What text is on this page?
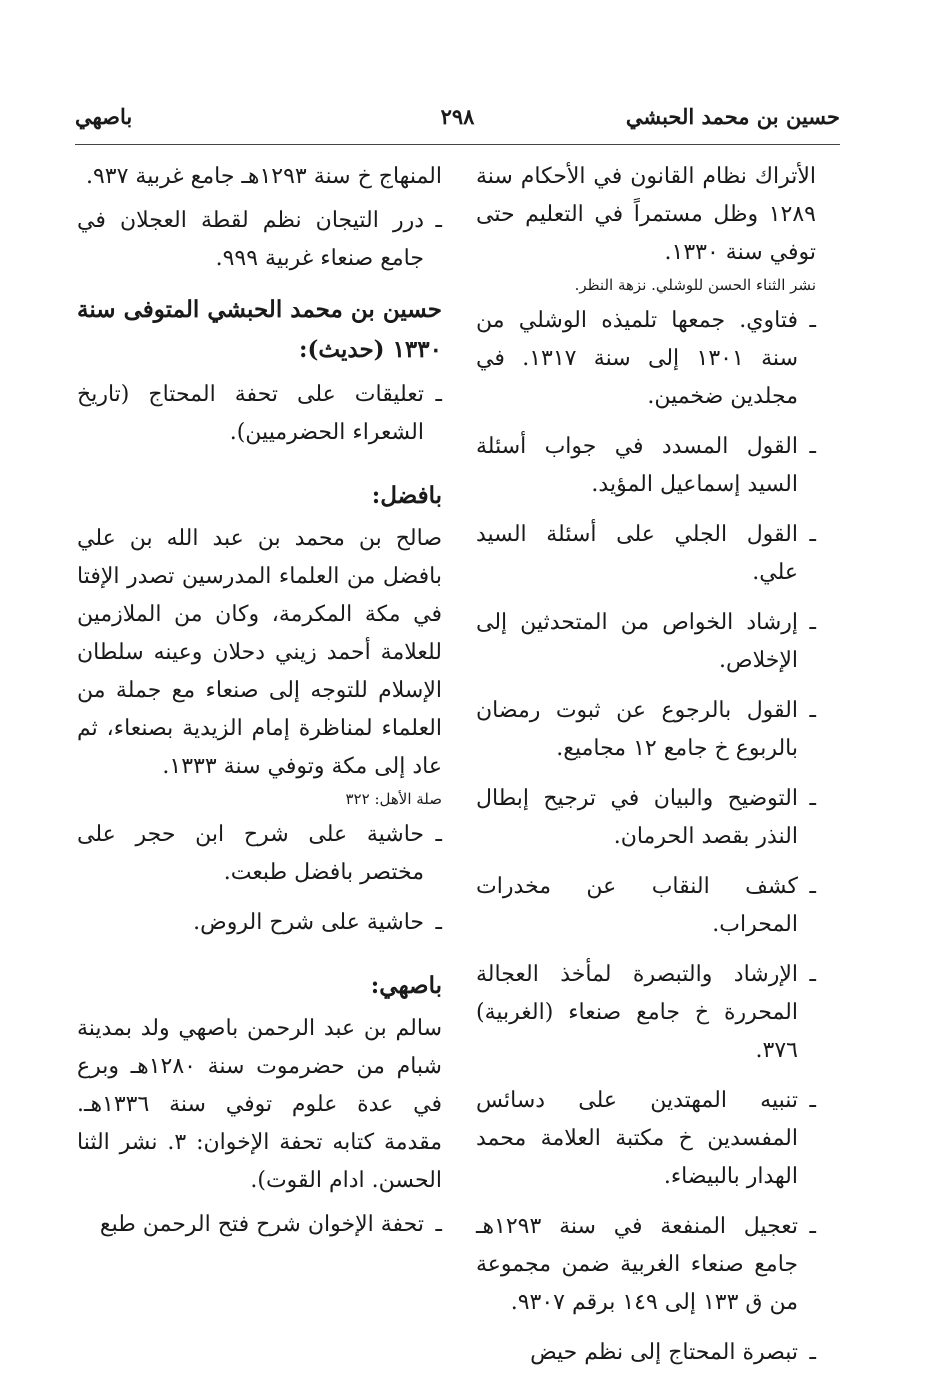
حسين بن محمد الحبشي
٢٩٨
باصهي

الأتراك نظام القانون في الأحكام سنة ١٢٨٩ وظل مستمراً في التعليم حتى توفي سنة ١٣٣٠.

نشر الثناء الحسن للوشلي. نزهة النظر.

ـ
فتاوي. جمعها تلميذه الوشلي من سنة ١٣٠١ إلى سنة ١٣١٧. في مجلدين ضخمين.
ـ
القول المسدد في جواب أسئلة السيد إسماعيل المؤيد.
ـ
القول الجلي على أسئلة السيد علي.
ـ
إرشاد الخواص من المتحدثين إلى الإخلاص.
ـ
القول بالرجوع عن ثبوت رمضان بالربوع خ جامع ١٢ مجاميع.
ـ
التوضيح والبيان في ترجيح إبطال النذر بقصد الحرمان.
ـ
كشف النقاب عن مخدرات المحراب.
ـ
الإرشاد والتبصرة لمأخذ العجالة المحررة خ جامع صنعاء (الغربية) ٣٧٦.
ـ
تنبيه المهتدين على دسائس المفسدين خ مكتبة العلامة محمد الهدار بالبيضاء.
ـ
تعجيل المنفعة في سنة ١٢٩٣هـ جامع صنعاء الغربية ضمن مجموعة من ق ١٣٣ إلى ١٤٩ برقم ٩٣٠٧.
ـ
تبصرة المحتاج إلى نظم حيض

المنهاج خ سنة ١٢٩٣هـ جامع غربية ٩٣٧.

ـ
درر التيجان نظم لقطة العجلان في جامع صنعاء غربية ٩٩٩.
حسين بن محمد الحبشي المتوفى سنة ١٣٣٠ (حديث):
ـ
تعليقات على تحفة المحتاج (تاريخ الشعراء الحضرميين).
بافضل:

صالح بن محمد بن عبد الله بن علي بافضل من العلماء المدرسين تصدر الإفتا في مكة المكرمة، وكان من الملازمين للعلامة أحمد زيني دحلان وعينه سلطان الإسلام للتوجه إلى صنعاء مع جملة من العلماء لمناظرة إمام الزيدية بصنعاء، ثم عاد إلى مكة وتوفي سنة ١٣٣٣.

صلة الأهل: ٣٢٢

ـ
حاشية على شرح ابن حجر على مختصر بافضل طبعت.
ـ
حاشية على شرح الروض.
باصهي:

سالم بن عبد الرحمن باصهي ولد بمدينة شبام من حضرموت سنة ١٢٨٠هـ وبرع في عدة علوم توفي سنة ١٣٣٦هـ. مقدمة كتابه تحفة الإخوان: ٣. نشر الثنا الحسن. ادام القوت).

ـ
تحفة الإخوان شرح فتح الرحمن طبع
